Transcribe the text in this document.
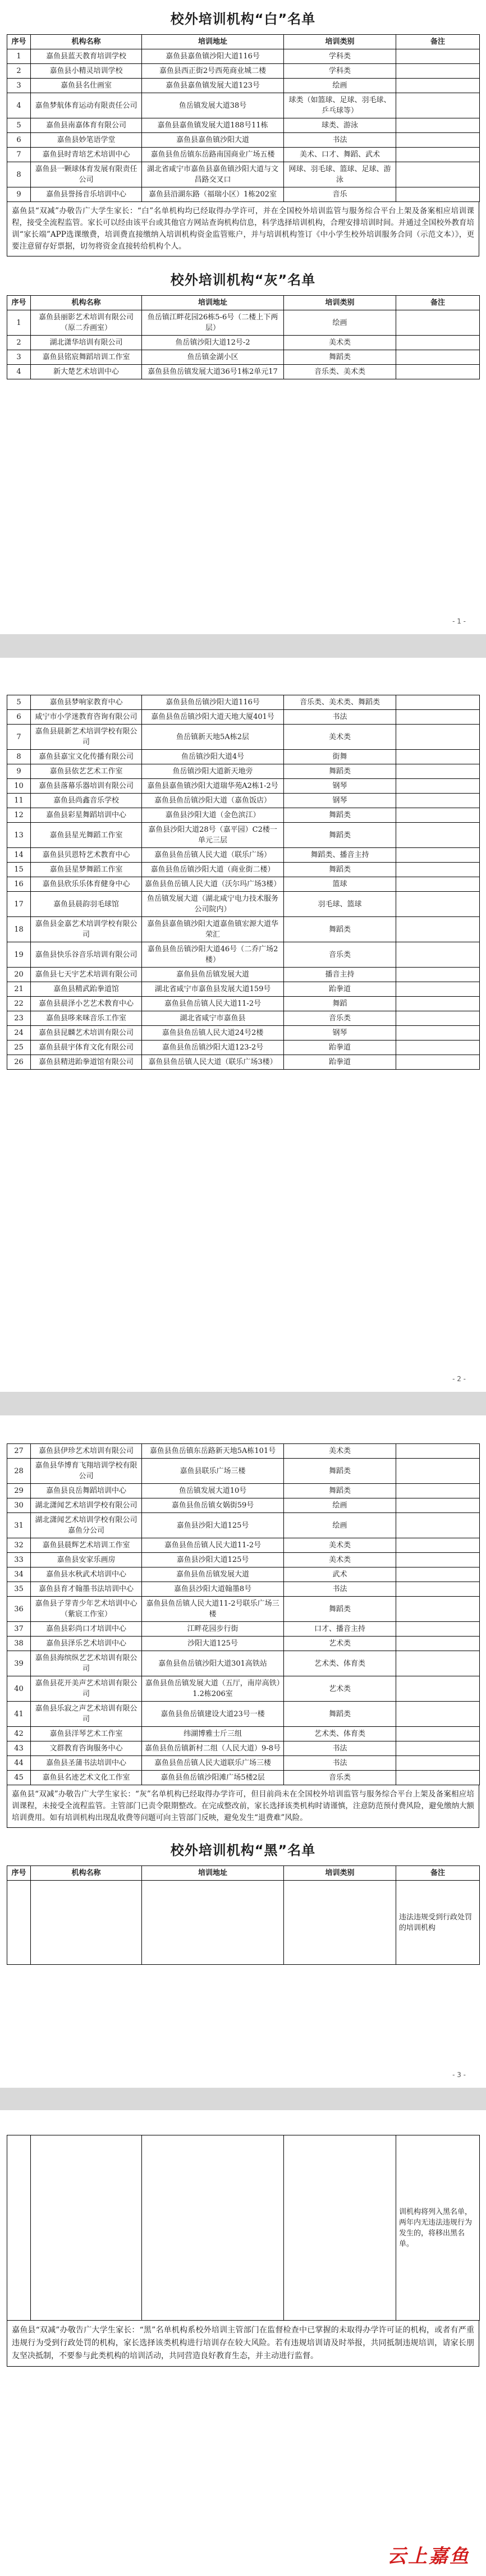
校外培训机构“白”名单
序号	机构名称	培训地址	培训类别	备注
1	嘉鱼县蓝天教育培训学校	嘉鱼县嘉鱼镇沙阳大道116号	学科类	
2	嘉鱼县小精灵培训学校	嘉鱼县西正街2号西苑商业城二楼	学科类	
3	嘉鱼县名仕画室	嘉鱼县嘉鱼镇发展大道123号	绘画	
4	嘉鱼梦航体育运动有限责任公司	鱼岳镇发展大道38号	球类（如篮球、足球、羽毛球、乒乓球等）	
5	嘉鱼县南嘉体育有限公司	嘉鱼县嘉鱼镇发展大道188号11栋	球类、游泳	
6	嘉鱼县妙笔语学堂	嘉鱼县嘉鱼镇沙阳大道	书法	
7	嘉鱼县时青培艺术培训中心	嘉鱼县鱼岳镇东岳路南国商业广场五楼	美术、口才、舞蹈、武术	
8	嘉鱼县一颗球体育发展有限责任公司	湖北省咸宁市嘉鱼县嘉鱼镇沙阳大道与文昌路交叉口	网球、羽毛球、篮球、足球、游泳	
9	嘉鱼县誉扬音乐培训中心	嘉鱼县沿湖东路（福瑞小区）1栋202室	音乐	
嘉鱼县“双减”办敬告广大学生家长：“白”名单机构均已经取得办学许可，并在全国校外培训监管与服务综合平台上架及备案相应培训课程，接受全流程监管。家长可以经由该平台或其他官方网站查询机构信息，科学选择培训机构，合理安排培训时间。并通过全国校外教育培训“家长端”APP选课缴费，培训费直接缴纳入培训机构资金监管账户，并与培训机构签订《中小学生校外培训服务合同（示范文本）》，更要注意留存好票据，切勿将资金直接转给机构个人。
校外培训机构“灰”名单
序号	机构名称	培训地址	培训类别	备注
1	嘉鱼县丽影艺术培训有限公司（原二乔画室）	鱼岳镇江畔花园26栋5-6号（二楼上下两层）	绘画	
2	湖北潇华培训有限公司	鱼岳镇沙阳大道12号-2	美术类	
3	嘉鱼县铭宸舞蹈培训工作室	鱼岳镇金湖小区	舞蹈类	
4	新大楚艺术培训中心	嘉鱼县鱼岳镇发展大道36号1栋2单元17	音乐类、美术类	
- 1 -
5	嘉鱼县梦响家教育中心	嘉鱼县鱼岳镇沙阳大道116号	音乐类、美术类、舞蹈类	
6	咸宁市小学迷教育咨询有限公司	嘉鱼县鱼岳镇沙阳大道天地大厦401号	书法	
7	嘉鱼县晨新艺术培训学校有限公司	鱼岳镇新天地5A栋2层	美术类	
8	嘉鱼县嘉宝文化传播有限公司	鱼岳镇沙阳大道4号	街舞	
9	嘉鱼县依艺艺术工作室	鱼岳镇沙阳大道新天地旁	舞蹈类	
10	嘉鱼县落幕乐器培训有限公司	嘉鱼县嘉鱼镇沙阳大道瑞华苑A2栋1-2号	钢琴	
11	嘉鱼县尚鑫音乐学校	嘉鱼县鱼岳镇沙阳大道（嘉鱼饭店）	钢琴	
12	嘉鱼县彩星舞蹈培训中心	嘉鱼县沙阳大道（金色滨江）	舞蹈类	
13	嘉鱼县星光舞蹈工作室	嘉鱼县沙阳大道28号（嘉平园）C2楼一单元三层	舞蹈类	
14	嘉鱼县贝恩特艺术教育中心	嘉鱼县鱼岳镇人民大道（联乐广场）	舞蹈类、播音主持	
15	嘉鱼县星梦舞蹈工作室	嘉鱼县鱼岳镇沙阳大道（商业街二楼）	舞蹈类	
16	嘉鱼县欣乐乐体育健身中心	嘉鱼县鱼岳镇人民大道（沃尔玛广场3楼）	篮球	
17	嘉鱼县晨韵羽毛球馆	鱼岳镇发展大道（湖北咸宁电力技术服务公司院内）	羽毛球、篮球	
18	嘉鱼县金嘉艺术培训学校有限公司	嘉鱼县嘉鱼镇沙阳大道嘉鱼镇宏源大道华荣汇	舞蹈类	
19	嘉鱼县快乐谷音乐培训有限公司	嘉鱼县鱼岳镇沙阳大道46号（二乔广场2楼）	音乐类	
20	嘉鱼县七天宇艺术培训有限公司	嘉鱼县鱼岳镇发展大道	播音主持	
21	嘉鱼县精武跆拳道馆	湖北省咸宁市嘉鱼县发展大道159号	跆拳道	
22	嘉鱼县晨泽小艺艺术教育中心	嘉鱼县鱼岳镇人民大道11-2号	舞蹈	
23	嘉鱼县哆来咪音乐工作室	湖北省咸宁市嘉鱼县	音乐类	
24	嘉鱼县昆麟艺术培训有限公司	嘉鱼县鱼岳镇人民大道24号2楼	钢琴	
25	嘉鱼县晨宇体育文化有限公司	嘉鱼县鱼岳镇沙阳大道123-2号	跆拳道	
26	嘉鱼县精进跆拳道馆有限公司	嘉鱼县鱼岳镇人民大道（联乐广场3楼）	跆拳道	
- 2 -
27	嘉鱼县伊珍艺术培训有限公司	嘉鱼县鱼岳镇东岳路新天地5A栋101号	美术类	
28	嘉鱼县华博育飞翔培训学校有限公司	嘉鱼县联乐广场三楼	舞蹈类	
29	嘉鱼县良岳舞蹈培训中心	鱼岳镇发展大道10号	舞蹈类	
30	湖北潇闻艺术培训学校有限公司	嘉鱼县鱼岳镇女娲街59号	绘画	
31	湖北潇闻艺术培训学校有限公司嘉鱼分公司	嘉鱼县沙阳大道125号	绘画	
32	嘉鱼县晨辉艺术培训工作室	嘉鱼县鱼岳镇人民大道11-2号	美术类	
33	嘉鱼县安家乐画房	嘉鱼县沙阳大道125号	美术类	
34	嘉鱼县水秋武术培训中心	嘉鱼县鱼岳镇发展大道	武术	
35	嘉鱼县育才翰墨书法培训中心	嘉鱼县沙阳大道翰墨8号	书法	
36	嘉鱼县子芽青少年艺术培训中心（紫宸工作室）	嘉鱼县鱼岳镇人民大道11-2号联乐广场三楼	舞蹈类	
37	嘉鱼县彩尚口才培训中心	江畔花园步行街	口才、播音主持	
38	嘉鱼县泽乐艺术培训中心	沙阳大道125号	艺术类	
39	嘉鱼县海缤纵艺艺术培训有限公司	嘉鱼县鱼岳镇沙阳大道301高铁站	艺术类、体育类	
40	嘉鱼县花开美声艺术培训有限公司	嘉鱼县鱼岳镇发展大道（五厅，南岸高铁）1.2栋206室	艺术类	
41	嘉鱼县乐寂之声艺术培训有限公司	嘉鱼县鱼岳镇建设大道23号一楼	舞蹈类	
42	嘉鱼县洋琴艺术工作室	纬湖博雅士斤三组	艺术类、体育类	
43	文群教育咨询服务中心	嘉鱼县鱼岳镇新村二组（人民大道）9-8号	书法	
44	嘉鱼县圣蒲书法培训中心	嘉鱼县鱼岳镇人民大道联乐广场三楼	书法	
45	嘉鱼县名迹艺术文化工作室	嘉鱼县鱼岳镇沙阳滩广场5楼2层	音乐类	
嘉鱼县“双减”办敬告广大学生家长：“灰”名单机构已经取得办学许可，但目前尚未在全国校外培训监管与服务综合平台上架及备案相应培训课程，未接受全流程监管。主管部门已责令限期整改。在完成整改前，家长选择该类机构时请谨慎，注意防范预付费风险，避免缴纳大额培训费用。如有培训机构出现乱收费等问题可向主管部门反映，避免发生“退费难”风险。
校外培训机构“黑”名单
序号	机构名称	培训地址	培训类别	备注
				违法违规受到行政处罚的培训机构
- 3 -
				训机构将列入黑名单，两年内无违法违规行为发生的，将移出黑名单。
嘉鱼县“双减”办敬告广大学生家长：“黑”名单机构系校外培训主管部门在监督检查中已掌握的未取得办学许可证的机构，或者有严重违规行为受到行政处罚的机构，家长选择该类机构进行培训存在较大风险。若有违规培训请及时举报，共同抵制违规培训，请家长朋友坚决抵制，不要参与此类机构的培训活动，共同营造良好教育生态，并主动进行监督。
云上嘉鱼
